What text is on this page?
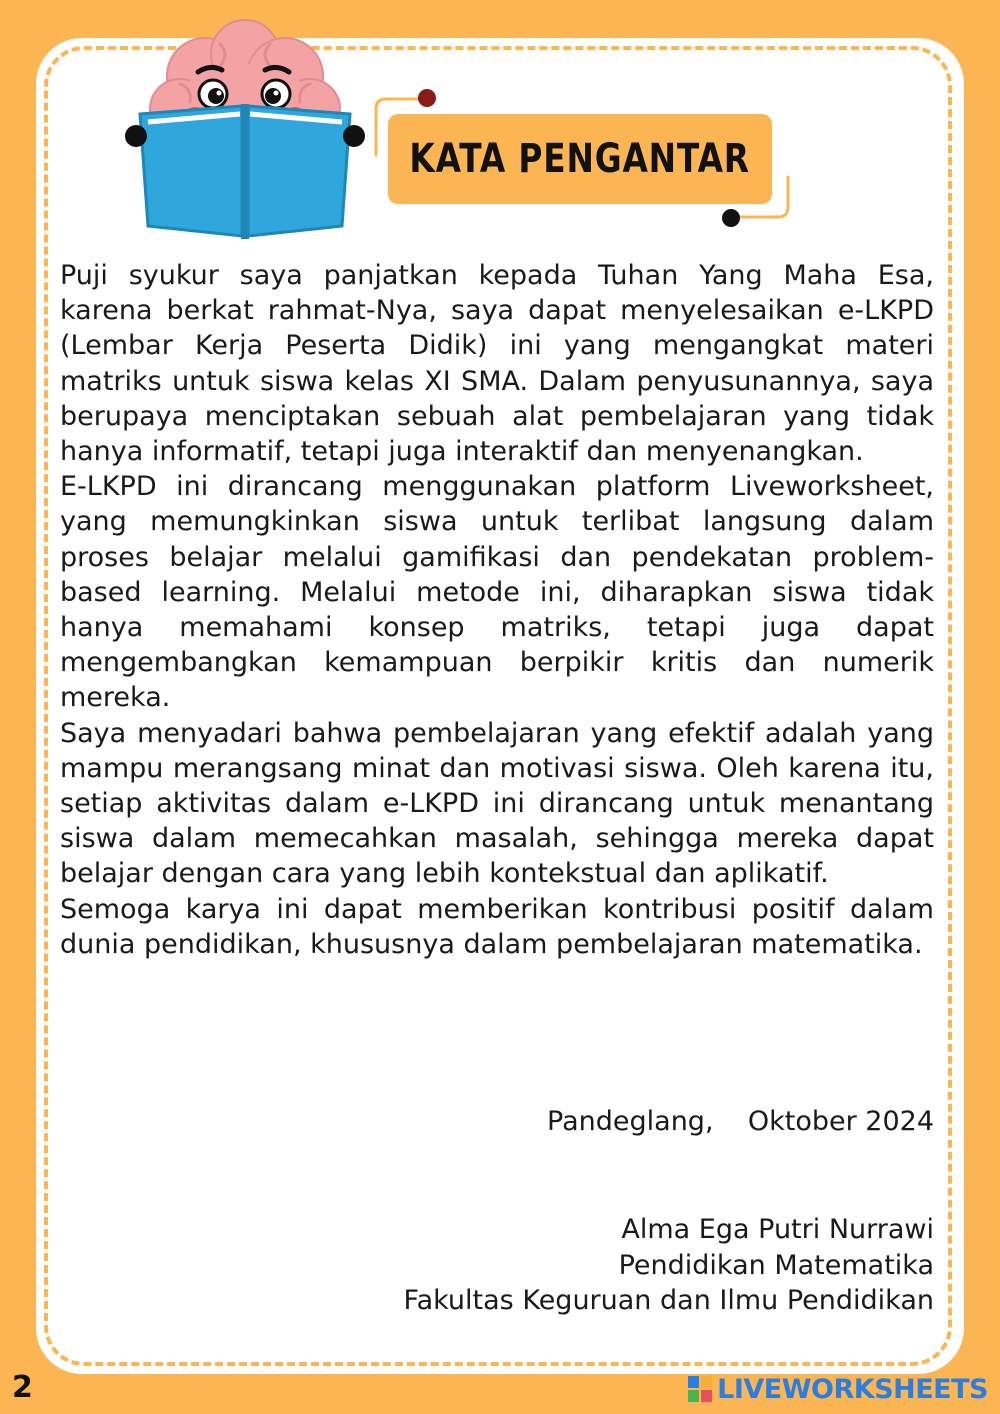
KATA PENGANTAR

Puji syukur saya panjatkan kepada Tuhan Yang Maha Esa, karena berkat rahmat-Nya, saya dapat menyelesaikan e-LKPD (Lembar Kerja Peserta Didik) ini yang mengangkat materi matriks untuk siswa kelas XI SMA. Dalam penyusunannya, saya berupaya menciptakan sebuah alat pembelajaran yang tidak hanya informatif, tetapi juga interaktif dan menyenangkan.

E-LKPD ini dirancang menggunakan platform Liveworksheet, yang memungkinkan siswa untuk terlibat langsung dalam proses belajar melalui gamifikasi dan pendekatan problem-based learning. Melalui metode ini, diharapkan siswa tidak hanya memahami konsep matriks, tetapi juga dapat mengembangkan kemampuan berpikir kritis dan numerik mereka.

Saya menyadari bahwa pembelajaran yang efektif adalah yang mampu merangsang minat dan motivasi siswa. Oleh karena itu, setiap aktivitas dalam e-LKPD ini dirancang untuk menantang siswa dalam memecahkan masalah, sehingga mereka dapat belajar dengan cara yang lebih kontekstual dan aplikatif.

Semoga karya ini dapat memberikan kontribusi positif dalam dunia pendidikan, khususnya dalam pembelajaran matematika.

Pandeglang,    Oktober 2024
Alma Ega Putri Nurrawi
Pendidikan Matematika
Fakultas Keguruan dan Ilmu Pendidikan
2	LIVEWORKSHEETS
